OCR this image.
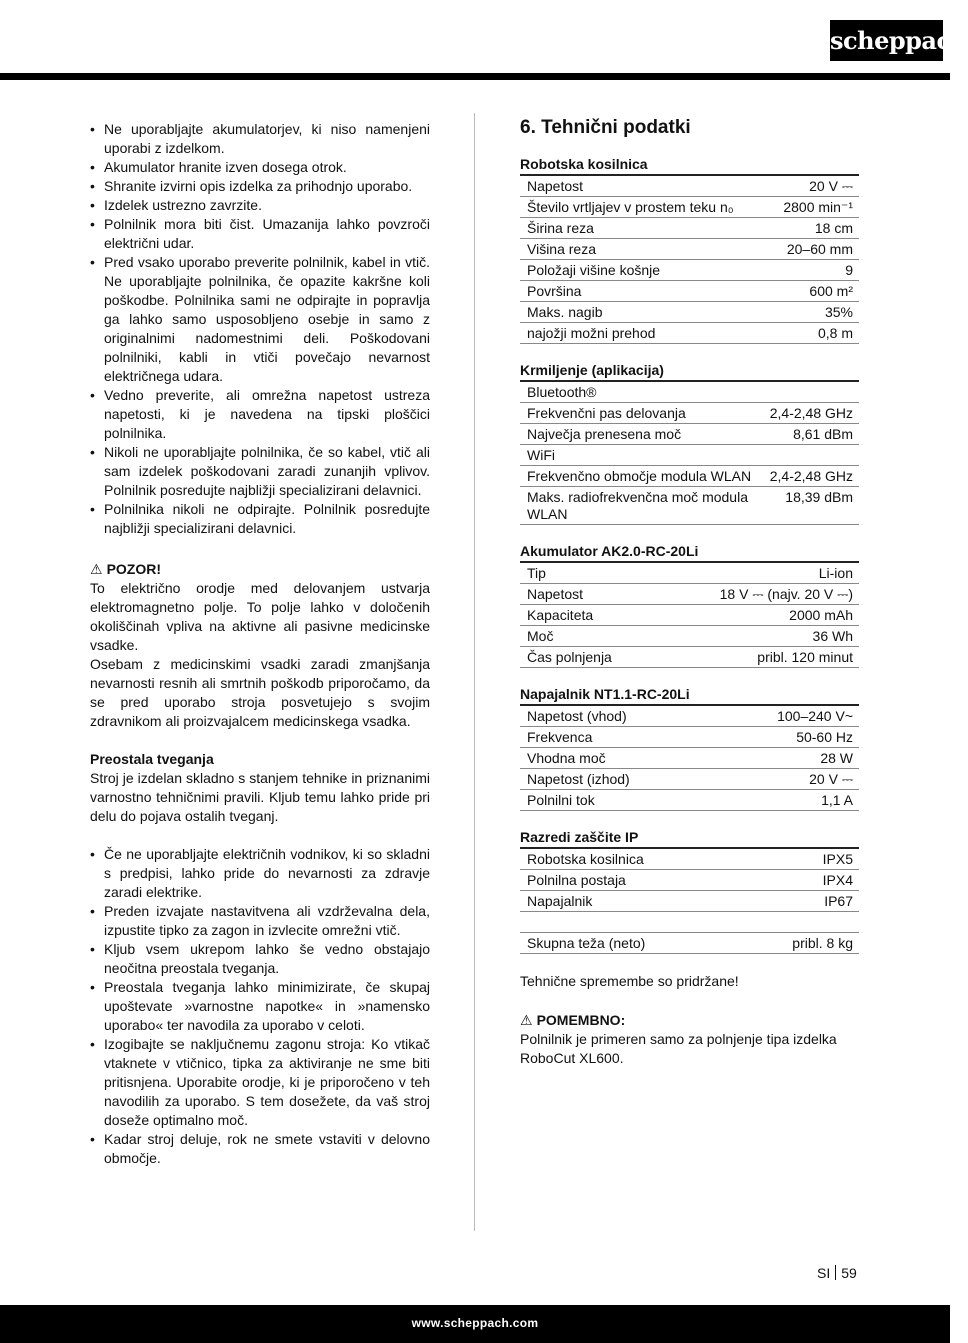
scheppach
• Ne uporabljajte akumulatorjev, ki niso namenjeni uporabi z izdelkom.
• Akumulator hranite izven dosega otrok.
• Shranite izvirni opis izdelka za prihodnjo uporabo.
• Izdelek ustrezno zavrzite.
• Polnilnik mora biti čist. Umazanija lahko povzroči električni udar.
• Pred vsako uporabo preverite polnilnik, kabel in vtič. Ne uporabljajte polnilnika, če opazite kakršne koli poškodbe. Polnilnika sami ne odpirajte in popravlja ga lahko samo usposobljeno osebje in samo z originalnimi nadomestnimi deli. Poškodovani polnilniki, kabli in vtiči povečajo nevarnost električnega udara.
• Vedno preverite, ali omrežna napetost ustreza napetosti, ki je navedena na tipski ploščici polnilnika.
• Nikoli ne uporabljajte polnilnika, če so kabel, vtič ali sam izdelek poškodovani zaradi zunanjih vplivov. Polnilnik posredujte najbližji specializirani delavnici.
• Polnilnika nikoli ne odpirajte. Polnilnik posredujte najbližji specializirani delavnici.
⚠ POZOR!

To električno orodje med delovanjem ustvarja elektromagnetno polje. To polje lahko v določenih okoliščinah vpliva na aktivne ali pasivne medicinske vsadke.

Osebam z medicinskimi vsadki zaradi zmanjšanja nevarnosti resnih ali smrtnih poškodb priporočamo, da se pred uporabo stroja posvetujejo s svojim zdravnikom ali proizvajalcem medicinskega vsadka.

Preostala tveganja

Stroj je izdelan skladno s stanjem tehnike in priznanimi varnostno tehničnimi pravili. Kljub temu lahko pride pri delu do pojava ostalih tveganj.

• Če ne uporabljajte električnih vodnikov, ki so skladni s predpisi, lahko pride do nevarnosti za zdravje zaradi elektrike.
• Preden izvajate nastavitvena ali vzdrževalna dela, izpustite tipko za zagon in izvlecite omrežni vtič.
• Kljub vsem ukrepom lahko še vedno obstajajo neočitna preostala tveganja.
• Preostala tveganja lahko minimizirate, če skupaj upoštevate »varnostne napotke« in »namensko uporabo« ter navodila za uporabo v celoti.
• Izogibajte se naključnemu zagonu stroja: Ko vtikač vtaknete v vtičnico, tipka za aktiviranje ne sme biti pritisnjena. Uporabite orodje, ki je priporočeno v teh navodilih za uporabo. S tem dosežete, da vaš stroj doseže optimalno moč.
• Kadar stroj deluje, rok ne smete vstaviti v delovno območje.
6. Tehnični podatki
Robotska kosilnica
Napetost	20 V ⎓
Število vrtljajev v prostem teku n₀	2800 min⁻¹
Širina reza	18 cm
Višina reza	20–60 mm
Položaji višine košnje	9
Površina	600 m²
Maks. nagib	35%
najožji možni prehod	0,8 m
Krmiljenje (aplikacija)
Bluetooth®	
Frekvenčni pas delovanja	2,4-2,48 GHz
Največja prenesena moč	8,61 dBm
WiFi	
Frekvenčno območje modula WLAN	2,4-2,48 GHz
Maks. radiofrekvenčna moč modula WLAN	18,39 dBm
Akumulator AK2.0-RC-20Li
Tip	Li-ion
Napetost	18 V ⎓ (najv. 20 V ⎓)
Kapaciteta	2000 mAh
Moč	36 Wh
Čas polnjenja	pribl. 120 minut
Napajalnik NT1.1-RC-20Li
Napetost (vhod)	100–240 V~
Frekvenca	50-60 Hz
Vhodna moč	28 W
Napetost (izhod)	20 V ⎓
Polnilni tok	1,1 A
Razredi zaščite IP
Robotska kosilnica	IPX5
Polnilna postaja	IPX4
Napajalnik	IP67

Skupna teža (neto)	pribl. 8 kg

Tehnične spremembe so pridržane!

⚠ POMEMBNO:

Polnilnik je primeren samo za polnjenje tipa izdelka RoboCut XL600.

SI 59
www.scheppach.com
